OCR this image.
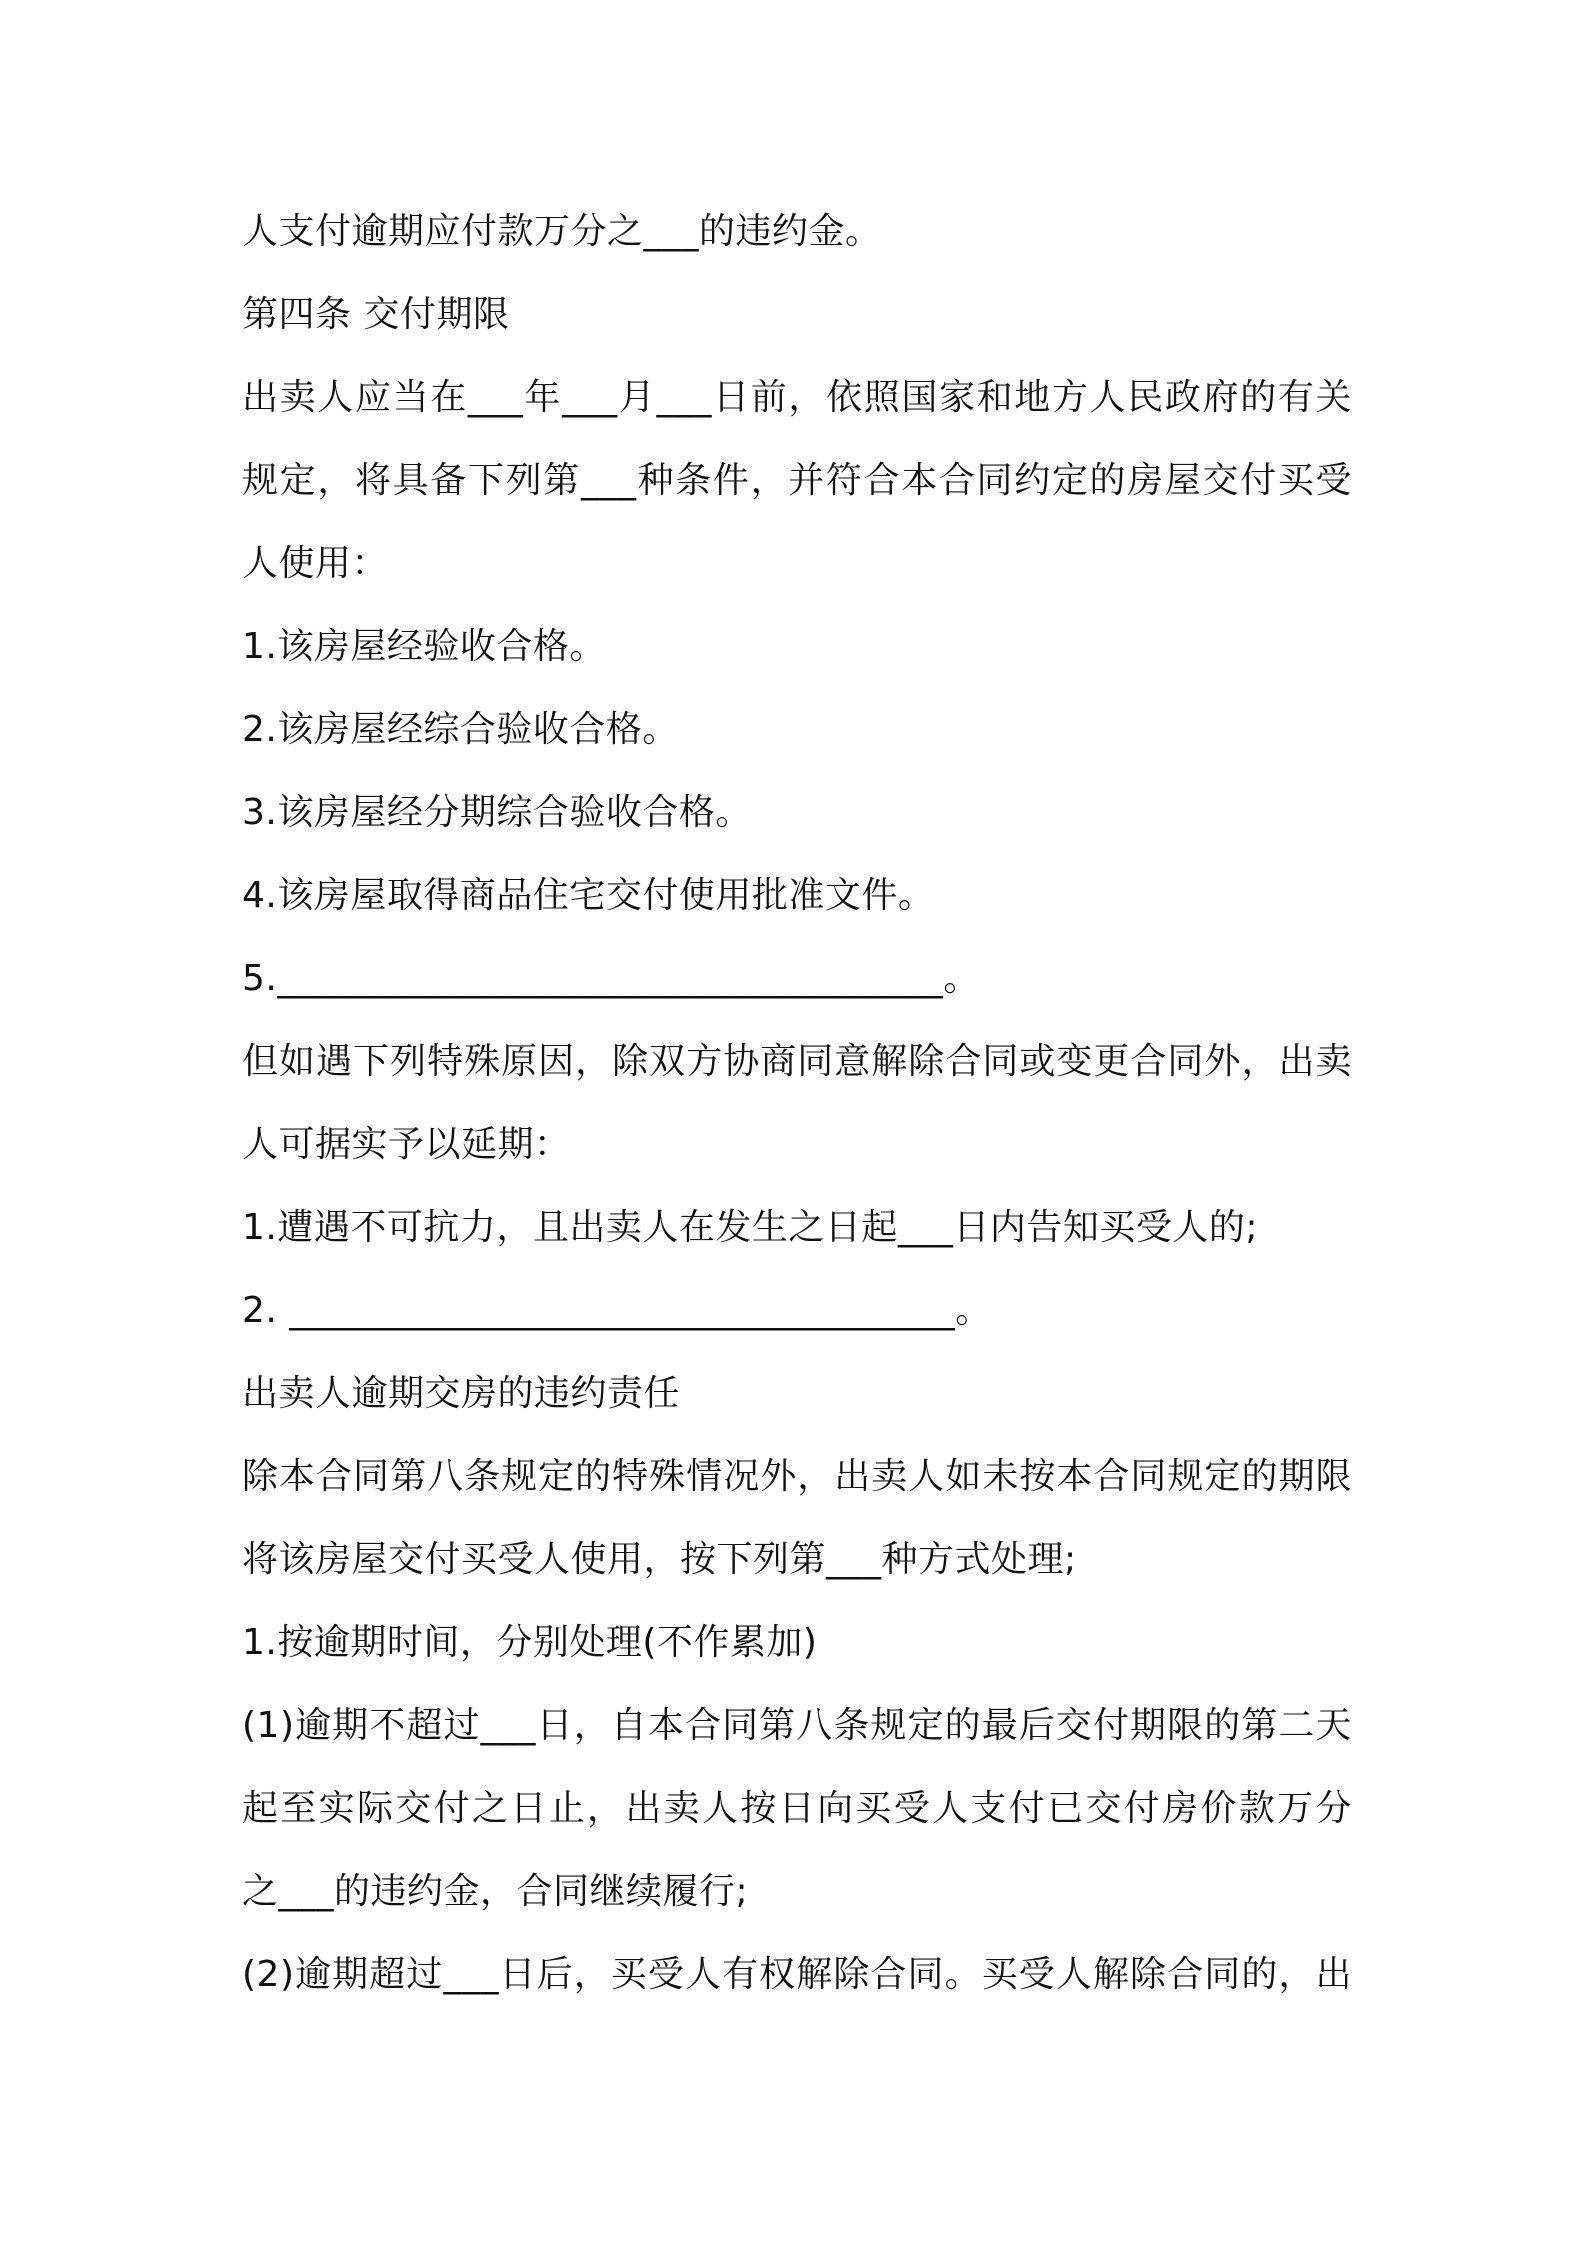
人支付逾期应付款万分之___的违约金。
第四条 交付期限
出卖人应当在___年___月___日前，依照国家和地方人民政府的有关
规定，将具备下列第___种条件，并符合本合同约定的房屋交付买受
人使用：
1.该房屋经验收合格。
2.该房屋经综合验收合格。
3.该房屋经分期综合验收合格。
4.该房屋取得商品住宅交付使用批准文件。
5.____________________________________。
但如遇下列特殊原因，除双方协商同意解除合同或变更合同外，出卖
人可据实予以延期：
1.遭遇不可抗力，且出卖人在发生之日起___日内告知买受人的;
2. ____________________________________。
出卖人逾期交房的违约责任
除本合同第八条规定的特殊情况外，出卖人如未按本合同规定的期限
将该房屋交付买受人使用，按下列第___种方式处理;
1.按逾期时间，分别处理(不作累加)
(1)逾期不超过___日，自本合同第八条规定的最后交付期限的第二天
起至实际交付之日止，出卖人按日向买受人支付已交付房价款万分
之___的违约金，合同继续履行;
(2)逾期超过___日后，买受人有权解除合同。买受人解除合同的，出
